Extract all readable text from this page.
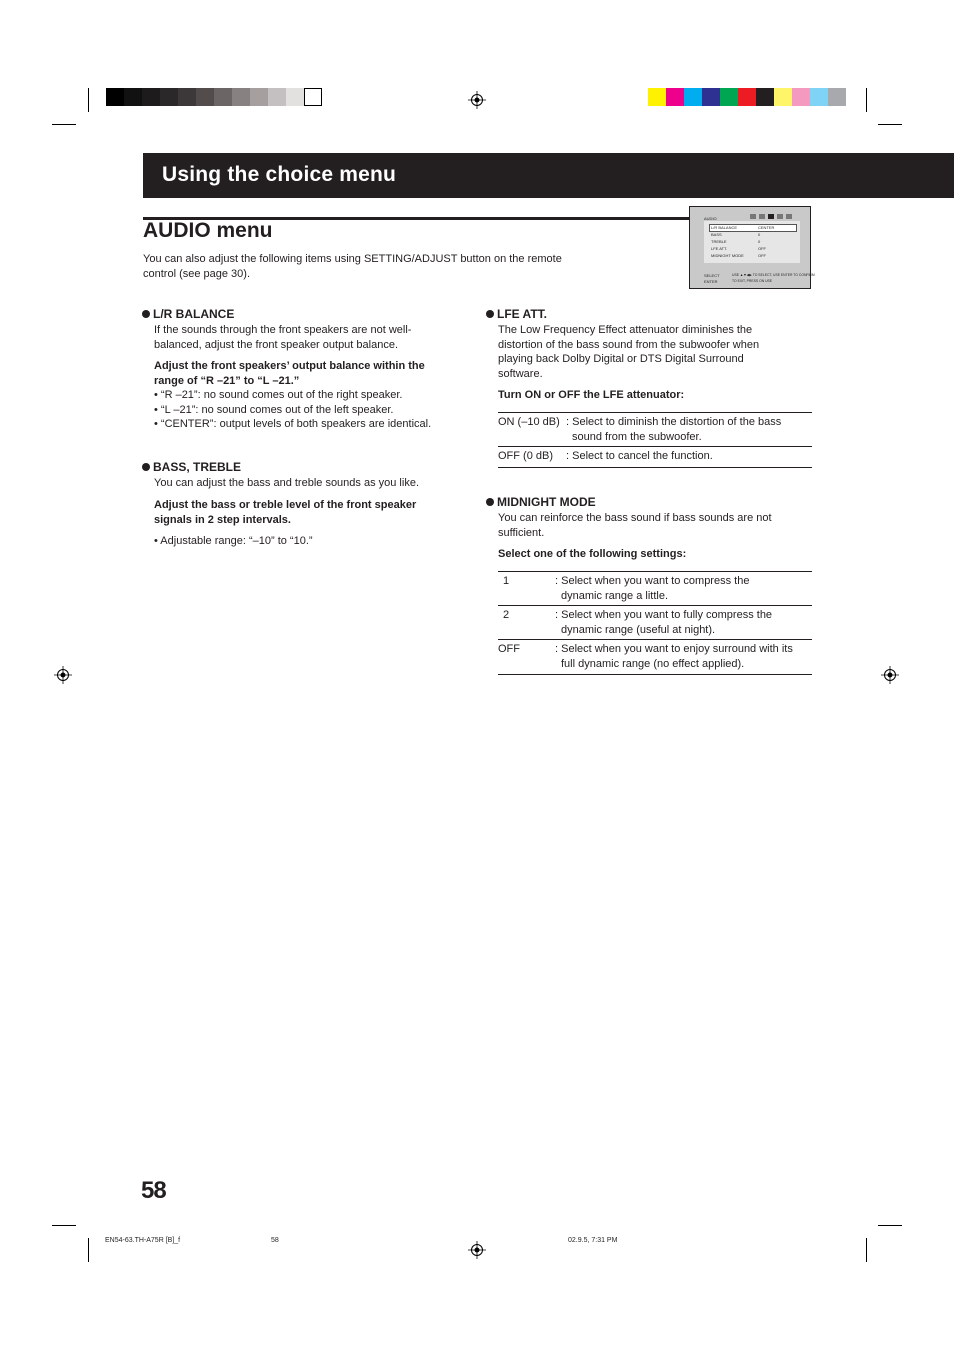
Using the choice menu
AUDIO menu
You can also adjust the following items using SETTING/ADJUST button on the remote
control (see page 30).
AUDIO
L/R BALANCE	CENTER
BASS	0
TREBLE	0
LFE ATT.	OFF
MIDNIGHT MODE	OFF
SELECT
ENTER
USE ▲▼◀▶ TO SELECT, USE ENTER TO CONFIRM
TO EXIT, PRESS ON USE
L/R BALANCE
If the sounds through the front speakers are not well-
balanced, adjust the front speaker output balance.
Adjust the front speakers’ output balance within the
range of “R –21” to “L –21.”
• “R –21”: no sound comes out of the right speaker.
• “L –21”: no sound comes out of the left speaker.
• “CENTER”: output levels of both speakers are identical.
BASS, TREBLE
You can adjust the bass and treble sounds as you like.
Adjust the bass or treble level of the front speaker
signals in 2 step intervals.
• Adjustable range: “–10” to “10.”
LFE ATT.
The Low Frequency Effect attenuator diminishes the
distortion of the bass sound from the subwoofer when
playing back Dolby Digital or DTS Digital Surround
software.
Turn ON or OFF the LFE attenuator:
ON (–10 dB) : Select to diminish the distortion of the bass
sound from the subwoofer.
OFF (0 dB) : Select to cancel the function.
MIDNIGHT MODE
You can reinforce the bass sound if bass sounds are not
sufficient.
Select one of the following settings:
1	: Select when you want to compress the
dynamic range a little.
2	: Select when you want to fully compress the
dynamic range (useful at night).
OFF	: Select when you want to enjoy surround with its
full dynamic range (no effect applied).
58
EN54-63.TH-A75R [B]_f	58	02.9.5, 7:31 PM
